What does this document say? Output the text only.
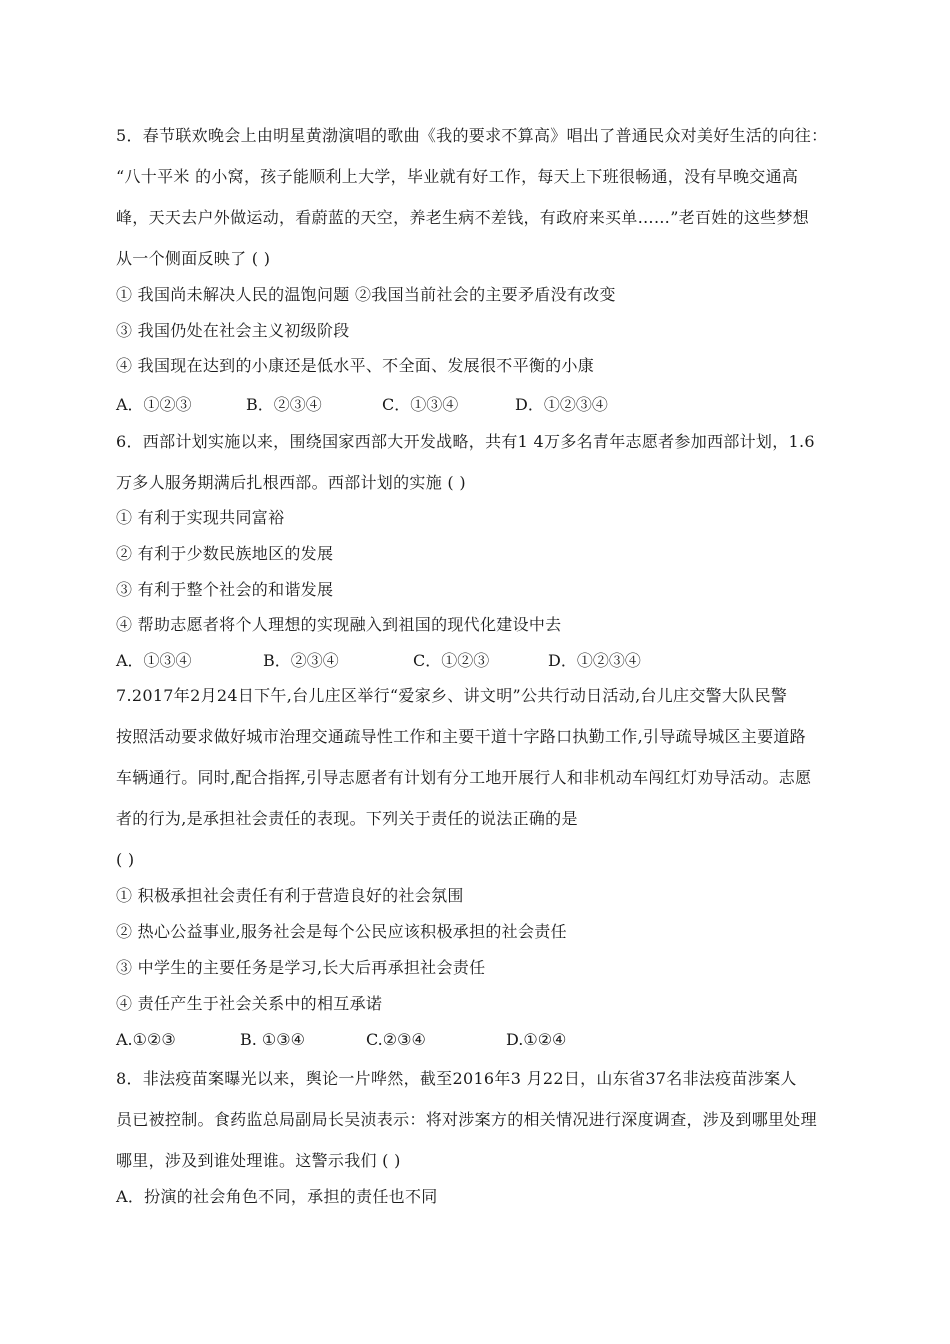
5．春节联欢晚会上由明星黄渤演唱的歌曲《我的要求不算高》唱出了普通民众对美好生活的向往：
“八十平米 的小窝，孩子能顺利上大学，毕业就有好工作，每天上下班很畅通，没有早晚交通高
峰，天天去户外做运动，看蔚蓝的天空，养老生病不差钱，有政府来买单……”老百姓的这些梦想
从一个侧面反映了 ( )
① 我国尚未解决人民的温饱问题 ②我国当前社会的主要矛盾没有改变
③ 我国仍处在社会主义初级阶段
④ 我国现在达到的小康还是低水平、不全面、发展很不平衡的小康
A．①②③	B．②③④	C．①③④	D．①②③④
6．西部计划实施以来，围绕国家西部大开发战略，共有1 4万多名青年志愿者参加西部计划，1.6
万多人服务期满后扎根西部。西部计划的实施 ( )
① 有利于实现共同富裕
② 有利于少数民族地区的发展
③ 有利于整个社会的和谐发展
④ 帮助志愿者将个人理想的实现融入到祖国的现代化建设中去
A．①③④	B．②③④	C．①②③	D．①②③④
7.2017年2月24日下午,台儿庄区举行“爱家乡、讲文明”公共行动日活动,台儿庄交警大队民警
按照活动要求做好城市治理交通疏导性工作和主要干道十字路口执勤工作,引导疏导城区主要道路
车辆通行。同时,配合指挥,引导志愿者有计划有分工地开展行人和非机动车闯红灯劝导活动。志愿
者的行为,是承担社会责任的表现。下列关于责任的说法正确的是
( )
① 积极承担社会责任有利于营造良好的社会氛围
② 热心公益事业,服务社会是每个公民应该积极承担的社会责任
③ 中学生的主要任务是学习,长大后再承担社会责任
④ 责任产生于社会关系中的相互承诺
A.①②③	B. ①③④	C.②③④	D.①②④
8．非法疫苗案曝光以来，舆论一片哗然，截至2016年3 月22日，山东省37名非法疫苗涉案人
员已被控制。食药监总局副局长吴浈表示：将对涉案方的相关情况进行深度调查，涉及到哪里处理
哪里，涉及到谁处理谁。这警示我们 ( )
A．扮演的社会角色不同，承担的责任也不同
